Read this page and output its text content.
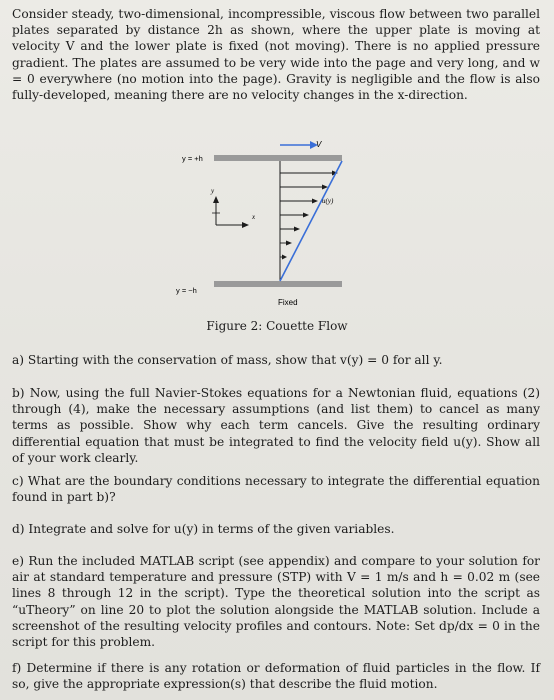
Consider steady, two-dimensional, incompressible, viscous flow between two parallel plates separated by distance 2h as shown, where the upper plate is moving at velocity V and the lower plate is fixed (not moving). There is no applied pressure gradient. The plates are assumed to be very wide into the page and very long, and w = 0 everywhere (no motion into the page). Gravity is negligible and the flow is also fully-developed, meaning there are no velocity changes in the x-direction.

V
y = +h
y = −h
y
x
u(y)
Fixed
Figure 2: Couette Flow

a) Starting with the conservation of mass, show that v(y) = 0 for all y.

b) Now, using the full Navier-Stokes equations for a Newtonian fluid, equations (2) through (4), make the necessary assumptions (and list them) to cancel as many terms as possible. Show why each term cancels. Give the resulting ordinary differential equation that must be integrated to find the velocity field u(y). Show all of your work clearly.

c) What are the boundary conditions necessary to integrate the differential equation found in part b)?

d) Integrate and solve for u(y) in terms of the given variables.

e) Run the included MATLAB script (see appendix) and compare to your solution for air at standard temperature and pressure (STP) with V = 1 m/s and h = 0.02 m (see lines 8 through 12 in the script). Type the theoretical solution into the script as “uTheory” on line 20 to plot the solution alongside the MATLAB solution. Include a screenshot of the resulting velocity profiles and contours. Note: Set dp/dx = 0 in the script for this problem.

f) Determine if there is any rotation or deformation of fluid particles in the flow. If so, give the appropriate expression(s) that describe the fluid motion.
